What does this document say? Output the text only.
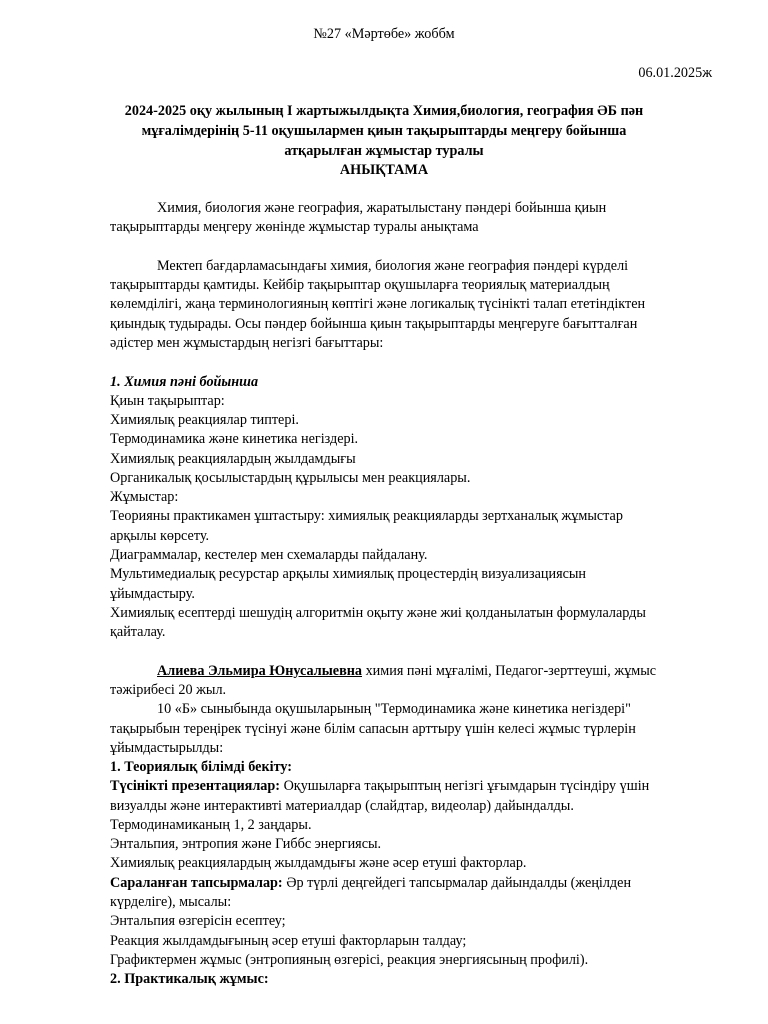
№27 «Мәртөбе» жоббм
06.01.2025ж
2024-2025 оқу жылының I жартыжылдықта Химия,биология, география ӘБ пән
мұғалімдерінің 5-11 оқушылармен қиын тақырыптарды меңгеру бойынша
атқарылған жұмыстар туралы
АНЫҚТАМА
Химия, биология және география, жаратылыстану пәндері бойынша қиын
тақырыптарды меңгеру жөнінде жұмыстар туралы анықтама
Мектеп бағдарламасындағы химия, биология және география пәндері күрделі
тақырыптарды қамтиды. Кейбір тақырыптар оқушыларға теориялық материалдың
көлемділігі, жаңа терминологияның көптігі және логикалық түсінікті талап ететіндіктен
қиындық тудырады. Осы пәндер бойынша қиын тақырыптарды меңгеруге бағытталған
әдістер мен жұмыстардың негізгі бағыттары:
1. Химия пәні бойынша
Қиын тақырыптар:
Химиялық реакциялар типтері.
Термодинамика және кинетика негіздері.
Химиялық реакциялардың жылдамдығы
Органикалық қосылыстардың құрылысы мен реакциялары.
Жұмыстар:
Теорияны практикамен ұштастыру: химиялық реакцияларды зертханалық жұмыстар
арқылы көрсету.
Диаграммалар, кестелер мен схемаларды пайдалану.
Мультимедиалық ресурстар арқылы химиялық процестердің визуализациясын
ұйымдастыру.
Химиялық есептерді шешудің алгоритмін оқыту және жиі қолданылатын формулаларды
қайталау.
Алиева Эльмира Юнусалыевна химия пәні мұғалімі, Педагог-зерттеуші, жұмыс
тәжірибесі 20 жыл.
10 «Б» сыныбында оқушыларының "Термодинамика және кинетика негіздері"
тақырыбын тереңірек түсінуі және білім сапасын арттыру үшін келесі жұмыс түрлерін
ұйымдастырылды:
1. Теориялық білімді бекіту:
Түсінікті презентациялар: Оқушыларға тақырыптың негізгі ұғымдарын түсіндіру үшін
визуалды және интерактивті материалдар (слайдтар, видеолар) дайындалды.
Термодинамиканың 1, 2 заңдары.
Энтальпия, энтропия және Гиббс энергиясы.
Химиялық реакциялардың жылдамдығы және әсер етуші факторлар.
Сараланған тапсырмалар: Әр түрлі деңгейдегі тапсырмалар дайындалды (жеңілден
күрделіге), мысалы:
Энтальпия өзгерісін есептеу;
Реакция жылдамдығының әсер етуші факторларын талдау;
Графиктермен жұмыс (энтропияның өзгерісі, реакция энергиясының профилі).
2. Практикалық жұмыс:
